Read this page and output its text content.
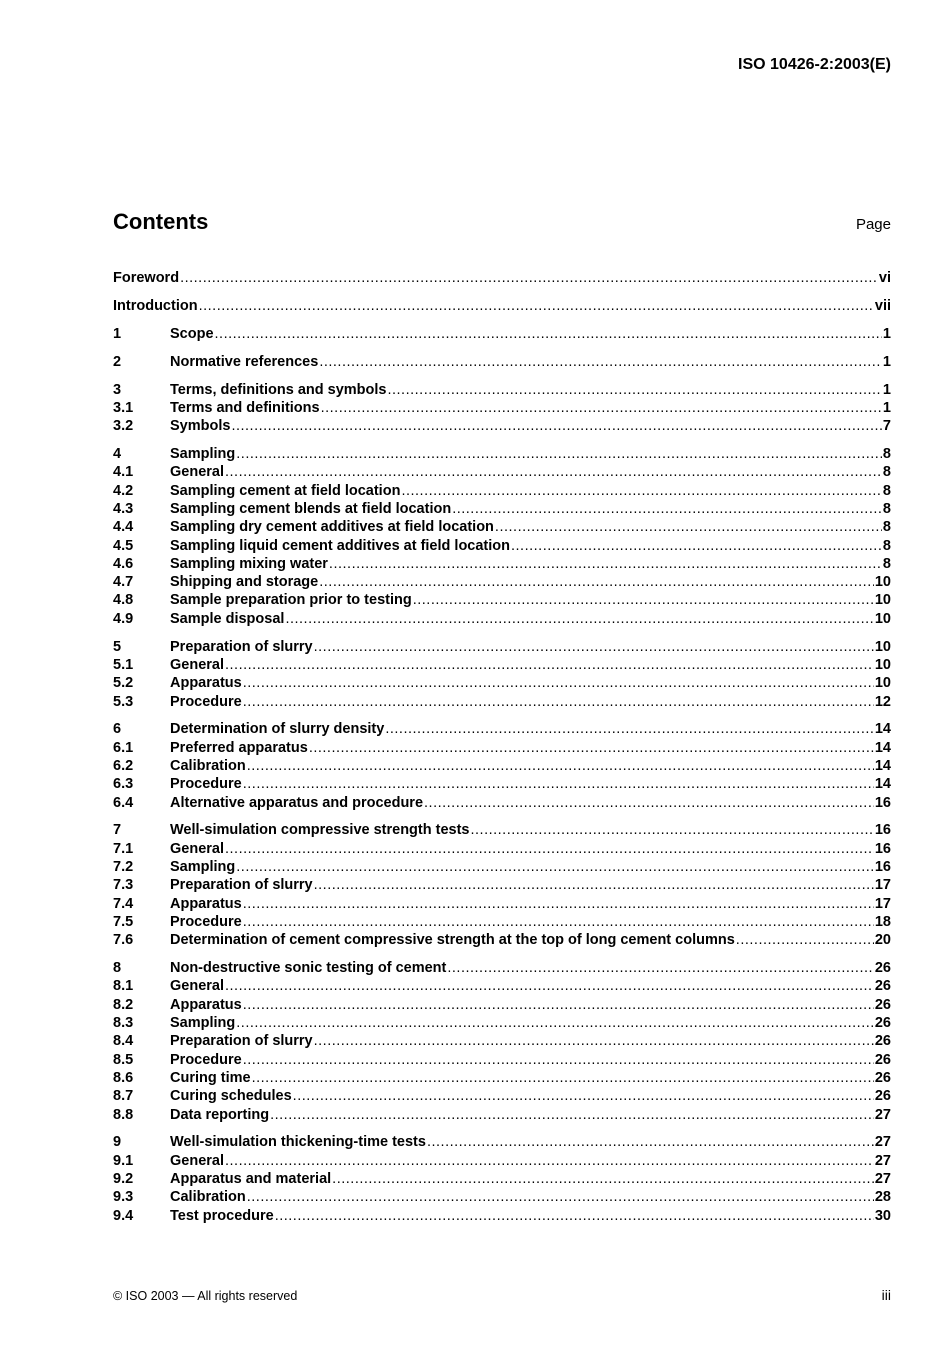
ISO 10426-2:2003(E)
Contents	Page
Foreword .....	vi
Introduction .....	vii
1	Scope .....	1
2	Normative references .....	1
3	Terms, definitions and symbols .....	1
3.1	Terms and definitions .....	1
3.2	Symbols .....	7
4	Sampling .....	8
4.1	General .....	8
4.2	Sampling cement at field location .....	8
4.3	Sampling cement blends at field location .....	8
4.4	Sampling dry cement additives at field location .....	8
4.5	Sampling liquid cement additives at field location .....	8
4.6	Sampling mixing water .....	8
4.7	Shipping and storage .....	10
4.8	Sample preparation prior to testing .....	10
4.9	Sample disposal .....	10
5	Preparation of slurry .....	10
5.1	General .....	10
5.2	Apparatus .....	10
5.3	Procedure .....	12
6	Determination of slurry density .....	14
6.1	Preferred apparatus .....	14
6.2	Calibration .....	14
6.3	Procedure .....	14
6.4	Alternative apparatus and procedure .....	16
7	Well-simulation compressive strength tests .....	16
7.1	General .....	16
7.2	Sampling .....	16
7.3	Preparation of slurry .....	17
7.4	Apparatus .....	17
7.5	Procedure .....	18
7.6	Determination of cement compressive strength at the top of long cement columns .....	20
8	Non-destructive sonic testing of cement .....	26
8.1	General .....	26
8.2	Apparatus .....	26
8.3	Sampling .....	26
8.4	Preparation of slurry .....	26
8.5	Procedure .....	26
8.6	Curing time .....	26
8.7	Curing schedules .....	26
8.8	Data reporting .....	27
9	Well-simulation thickening-time tests .....	27
9.1	General .....	27
9.2	Apparatus and material .....	27
9.3	Calibration .....	28
9.4	Test procedure .....	30
© ISO 2003 — All rights reserved	iii
